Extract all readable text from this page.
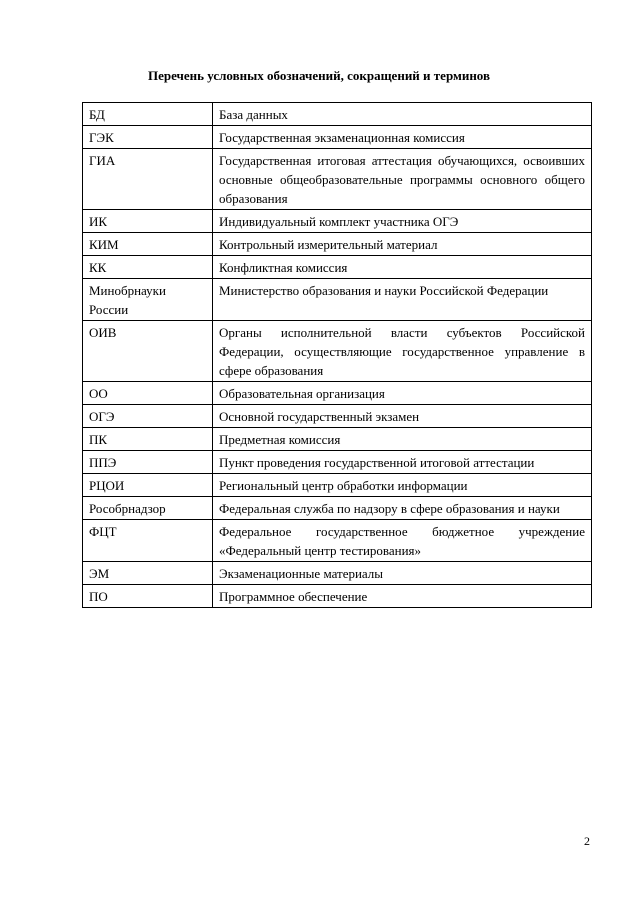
Перечень условных обозначений, сокращений и терминов
БД	База данных
ГЭК	Государственная экзаменационная комиссия
ГИА	Государственная итоговая аттестация обучающихся, освоивших основные общеобразовательные программы основного общего образования
ИК	Индивидуальный комплект участника ОГЭ
КИМ	Контрольный измерительный материал
КК	Конфликтная комиссия
Минобрнауки России	Министерство образования и науки Российской Федерации
ОИВ	Органы исполнительной власти субъектов Российской Федерации, осуществляющие государственное управление в сфере образования
ОО	Образовательная организация
ОГЭ	Основной государственный экзамен
ПК	Предметная комиссия
ППЭ	Пункт проведения государственной итоговой аттестации
РЦОИ	Региональный центр обработки информации
Рособрнадзор	Федеральная служба по надзору в сфере образования и науки
ФЦТ	Федеральное государственное бюджетное учреждение «Федеральный центр тестирования»
ЭМ	Экзаменационные материалы
ПО	Программное обеспечение
2
